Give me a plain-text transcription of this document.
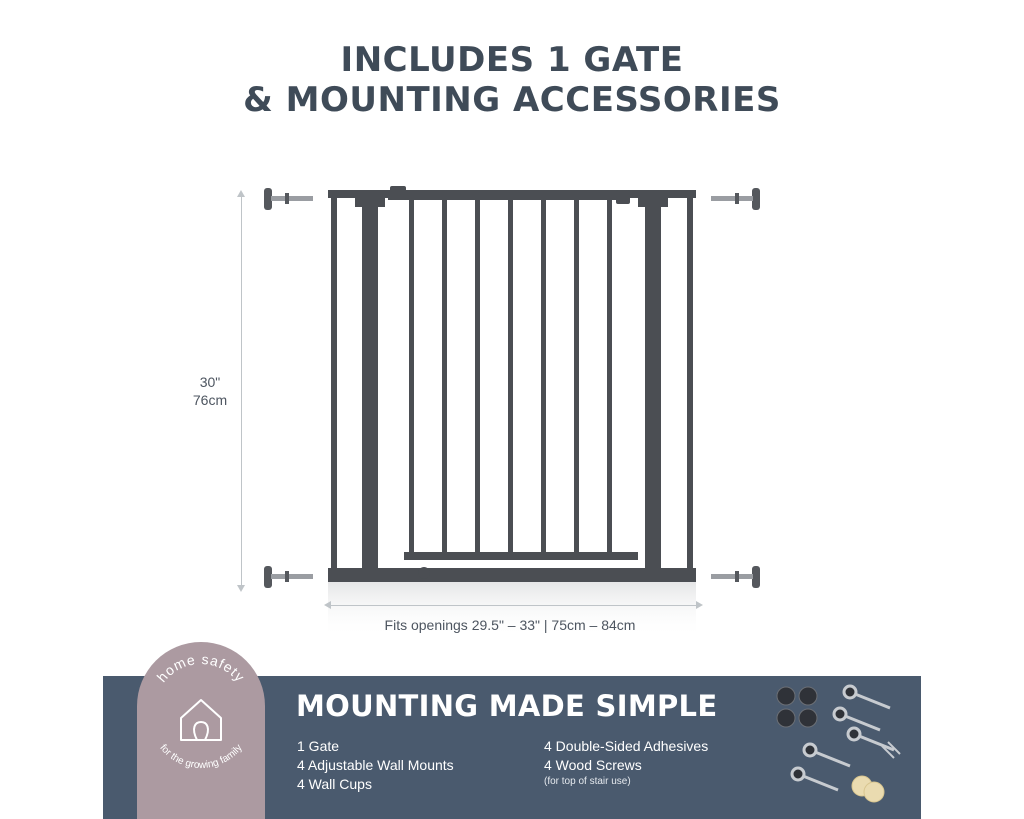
INCLUDES 1 GATE
& MOUNTING ACCESSORIES
30"
76cm
Fits openings 29.5" – 33" | 75cm – 84cm
home safety
for the growing family
MOUNTING MADE SIMPLE
1 Gate
4 Adjustable Wall Mounts
4 Wall Cups
4 Double-Sided Adhesives
4 Wood Screws
(for top of stair use)
